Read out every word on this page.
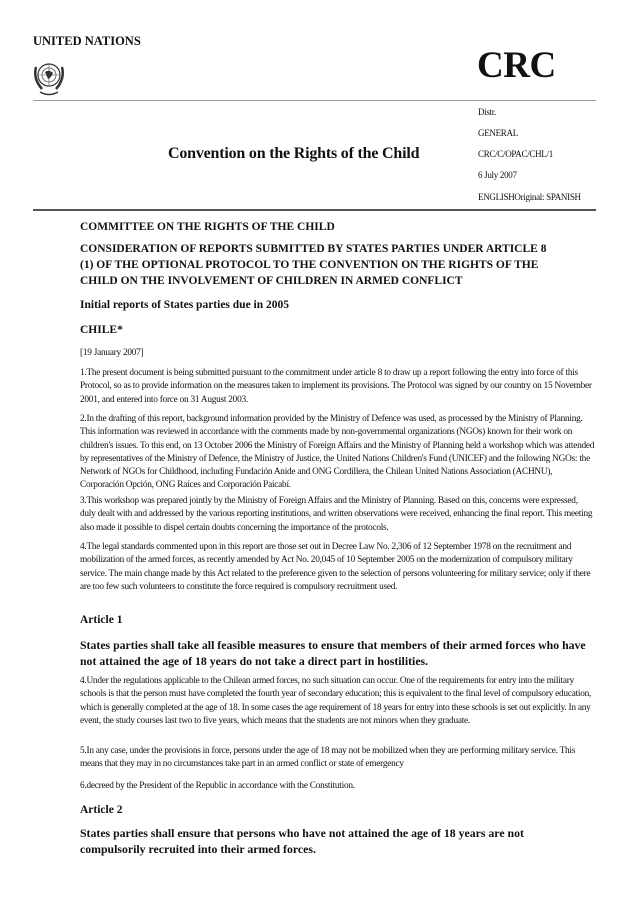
UNITED NATIONS
CRC
Convention on the Rights of the Child
Distr.
GENERAL
CRC/C/OPAC/CHL/1
6 July 2007
ENGLISHOriginal: SPANISH
COMMITTEE ON THE RIGHTS OF THE CHILD
CONSIDERATION OF REPORTS SUBMITTED BY STATES PARTIES UNDER ARTICLE 8 (1) OF THE OPTIONAL PROTOCOL TO THE CONVENTION ON THE RIGHTS OF THE CHILD ON THE INVOLVEMENT OF CHILDREN IN ARMED CONFLICT
Initial reports of States parties due in 2005
CHILE*
[19 January 2007]
1.The present document is being submitted pursuant to the commitment under article 8 to draw up a report following the entry into force of this Protocol, so as to provide information on the measures taken to implement its provisions. The Protocol was signed by our country on 15 November 2001, and entered into force on 31 August 2003.
2.In the drafting of this report, background information provided by the Ministry of Defence was used, as processed by the Ministry of Planning. This information was reviewed in accordance with the comments made by non-governmental organizations (NGOs) known for their work on children's issues. To this end, on 13 October 2006 the Ministry of Foreign Affairs and the Ministry of Planning held a workshop which was attended by representatives of the Ministry of Defence, the Ministry of Justice, the United Nations Children's Fund (UNICEF) and the following NGOs: the Network of NGOs for Childhood, including Fundación Anide and ONG Cordillera, the Chilean United Nations Association (ACHNU), Corporación Opción, ONG Raíces and Corporación Paicabí.
3.This workshop was prepared jointly by the Ministry of Foreign Affairs and the Ministry of Planning. Based on this, concerns were expressed, duly dealt with and addressed by the various reporting institutions, and written observations were received, enhancing the final report. This meeting also made it possible to dispel certain doubts concerning the importance of the protocols.
4.The legal standards commented upon in this report are those set out in Decree Law No. 2,306 of 12 September 1978 on the recruitment and mobilization of the armed forces, as recently amended by Act No. 20,045 of 10 September 2005 on the modernization of compulsory military service. The main change made by this Act related to the preference given to the selection of persons volunteering for military service; only if there are too few such volunteers to constitute the force required is compulsory recruitment used.
Article 1
States parties shall take all feasible measures to ensure that members of their armed forces who have not attained the age of 18 years do not take a direct part in hostilities.
4.Under the regulations applicable to the Chilean armed forces, no such situation can occur. One of the requirements for entry into the military schools is that the person must have completed the fourth year of secondary education; this is equivalent to the final level of compulsory education, which is generally completed at the age of 18. In some cases the age requirement of 18 years for entry into these schools is set out explicitly. In any event, the study courses last two to five years, which means that the students are not minors when they graduate.
5.In any case, under the provisions in force, persons under the age of 18 may not be mobilized when they are performing military service. This means that they may in no circumstances take part in an armed conflict or state of emergency
6.decreed by the President of the Republic in accordance with the Constitution.
Article 2
States parties shall ensure that persons who have not attained the age of 18 years are not compulsorily recruited into their armed forces.
